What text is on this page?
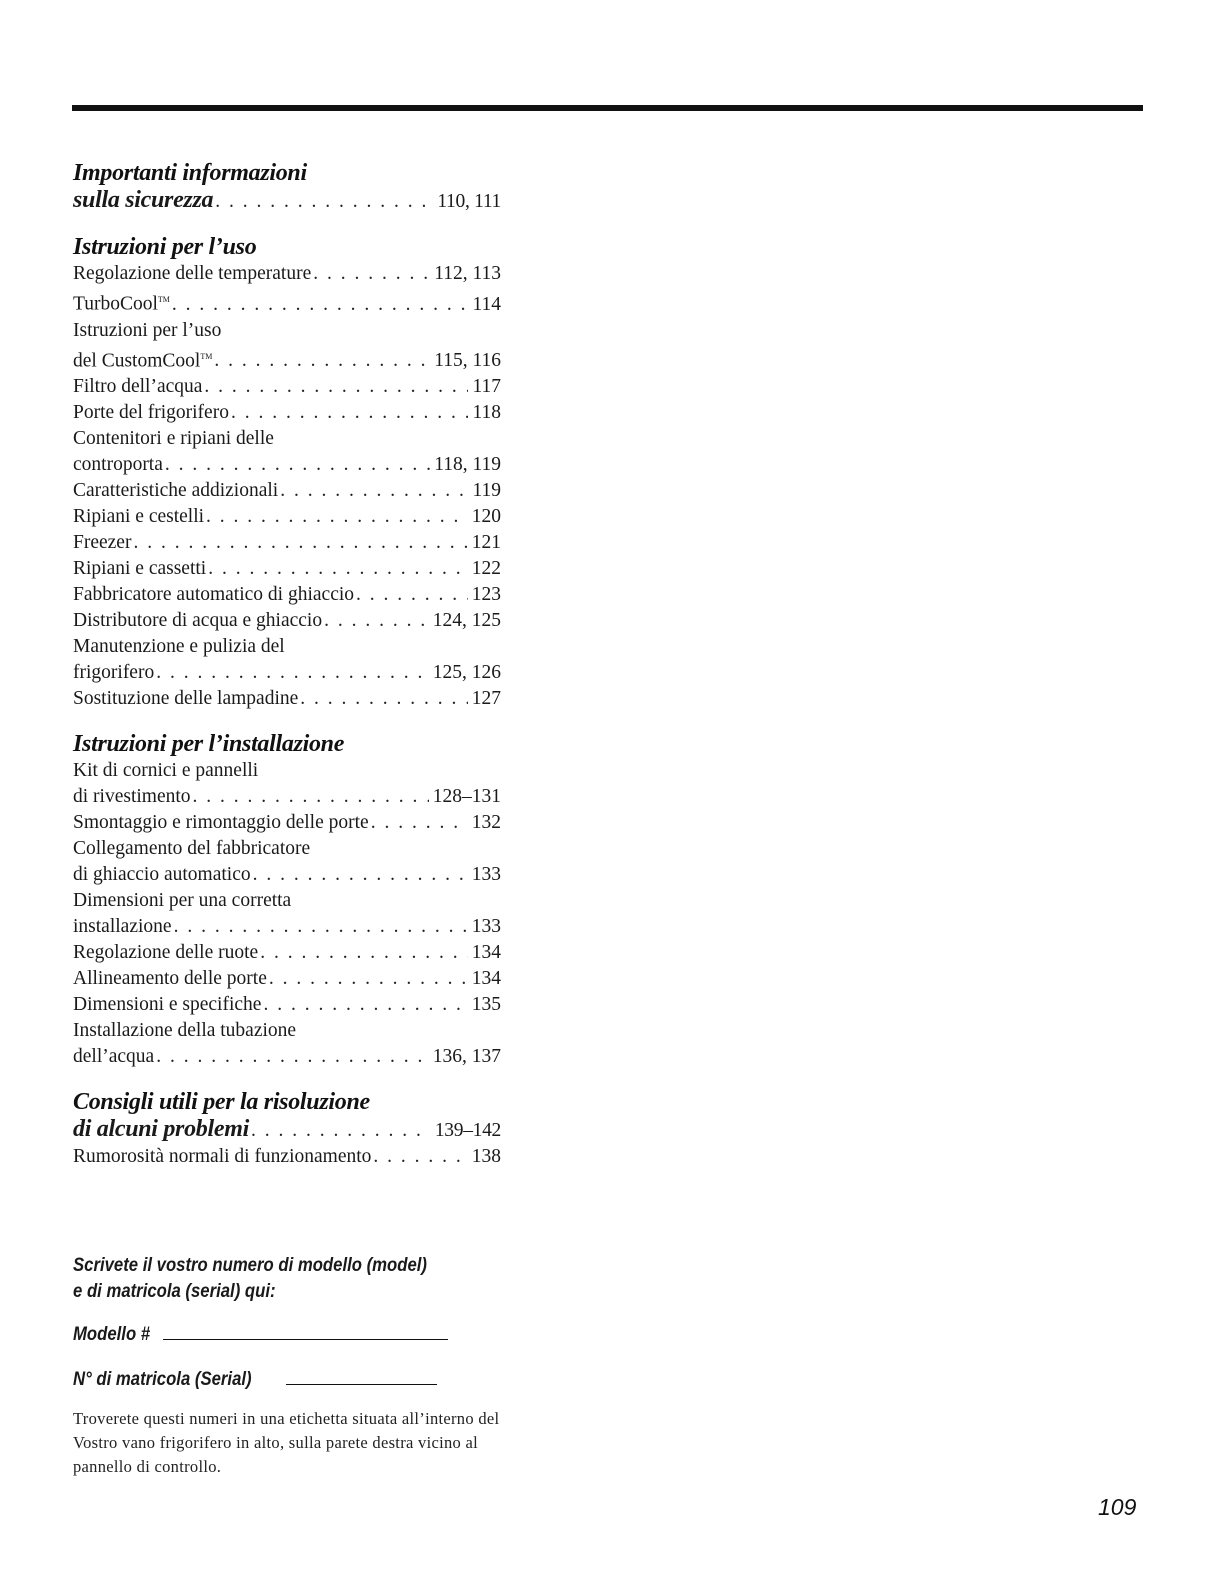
Importanti informazioni
sulla sicurezza . . .	110, 111
Istruzioni per l’uso
Regolazione delle temperature . . .	112, 113
TurboCool™ . . .	114
Istruzioni per l’uso
del CustomCool™ . . .	115, 116
Filtro dell’acqua . . .	117
Porte del frigorifero . . .	118
Contenitori e ripiani delle
controporta . . .	118, 119
Caratteristiche addizionali . . .	119
Ripiani e cestelli . . .	120
Freezer . . .	121
Ripiani e cassetti . . .	122
Fabbricatore automatico di ghiaccio . . .	123
Distributore di acqua e ghiaccio . . .	124, 125
Manutenzione e pulizia del
frigorifero . . .	125, 126
Sostituzione delle lampadine . . .	127
Istruzioni per l’installazione
Kit di cornici e pannelli
di rivestimento . . .	128–131
Smontaggio e rimontaggio delle porte . . .	132
Collegamento del fabbricatore
di ghiaccio automatico . . .	133
Dimensioni per una corretta
installazione . . .	133
Regolazione delle ruote . . .	134
Allineamento delle porte . . .	134
Dimensioni e specifiche . . .	135
Installazione della tubazione
dell’acqua . . .	136, 137
Consigli utili per la risoluzione
di alcuni problemi . . .	139–142
Rumorosità normali di funzionamento . . .	138
Scrivete il vostro numero di modello (model)
e di matricola (serial) qui:
Modello #
N° di matricola (Serial)
Troverete questi numeri in una etichetta situata all’interno del Vostro vano frigorifero in alto, sulla parete destra vicino al pannello di controllo.
109
